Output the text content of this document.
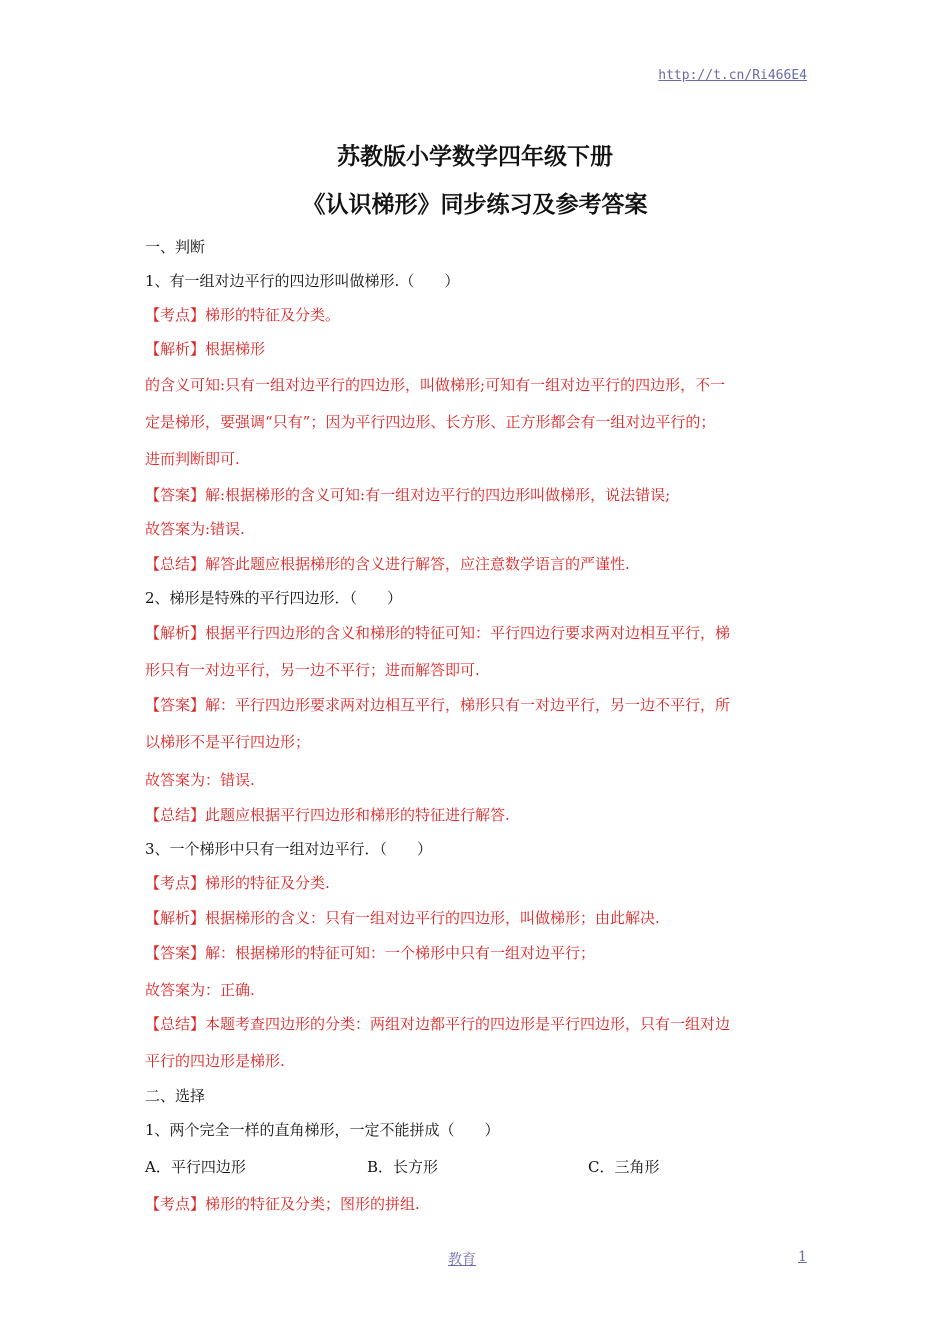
http://t.cn/Ri466E4
苏教版小学数学四年级下册
《认识梯形》同步练习及参考答案
一、判断
1、有一组对边平行的四边形叫做梯形.（　　）
【考点】梯形的特征及分类。
【解析】根据梯形
的含义可知:只有一组对边平行的四边形，叫做梯形;可知有一组对边平行的四边形，不一
定是梯形，要强调“只有”；因为平行四边形、长方形、正方形都会有一组对边平行的；
进而判断即可.
【答案】解:根据梯形的含义可知:有一组对边平行的四边形叫做梯形，说法错误;
故答案为:错误.
【总结】解答此题应根据梯形的含义进行解答，应注意数学语言的严谨性.
2、梯形是特殊的平行四边形．（　　）
【解析】根据平行四边形的含义和梯形的特征可知：平行四边行要求两对边相互平行，梯
形只有一对边平行，另一边不平行；进而解答即可.
【答案】解：平行四边形要求两对边相互平行，梯形只有一对边平行，另一边不平行，所
以梯形不是平行四边形；
故答案为：错误.
【总结】此题应根据平行四边形和梯形的特征进行解答.
3、一个梯形中只有一组对边平行．（　　）
【考点】梯形的特征及分类.
【解析】根据梯形的含义：只有一组对边平行的四边形，叫做梯形；由此解决.
【答案】解：根据梯形的特征可知：一个梯形中只有一组对边平行；
故答案为：正确.
【总结】本题考查四边形的分类：两组对边都平行的四边形是平行四边形，只有一组对边
平行的四边形是梯形.
二、选择
1、两个完全一样的直角梯形，一定不能拼成（　　）
A．平行四边形	B．长方形	C．三角形
【考点】梯形的特征及分类；图形的拼组.
教育	1
